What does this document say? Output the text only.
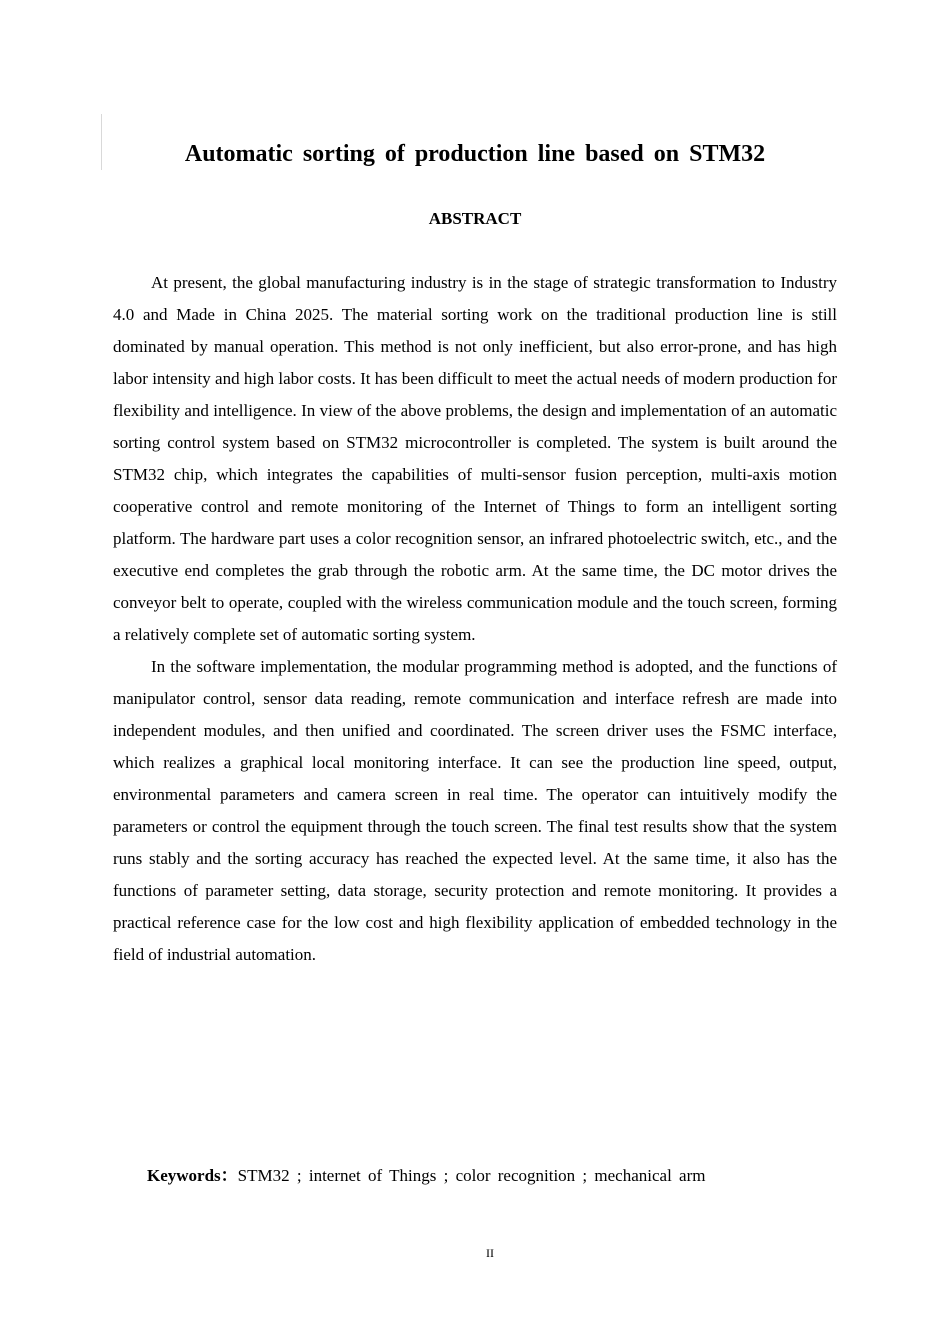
Automatic sorting of production line based on STM32
ABSTRACT

At present, the global manufacturing industry is in the stage of strategic transformation to Industry 4.0 and Made in China 2025. The material sorting work on the traditional production line is still dominated by manual operation. This method is not only inefficient, but also error-prone, and has high labor intensity and high labor costs. It has been difficult to meet the actual needs of modern production for flexibility and intelligence. In view of the above problems, the design and implementation of an automatic sorting control system based on STM32 microcontroller is completed. The system is built around the STM32 chip, which integrates the capabilities of multi-sensor fusion perception, multi-axis motion cooperative control and remote monitoring of the Internet of Things to form an intelligent sorting platform. The hardware part uses a color recognition sensor, an infrared photoelectric switch, etc., and the executive end completes the grab through the robotic arm. At the same time, the DC motor drives the conveyor belt to operate, coupled with the wireless communication module and the touch screen, forming a relatively complete set of automatic sorting system.

In the software implementation, the modular programming method is adopted, and the functions of manipulator control, sensor data reading, remote communication and interface refresh are made into independent modules, and then unified and coordinated. The screen driver uses the FSMC interface, which realizes a graphical local monitoring interface. It can see the production line speed, output, environmental parameters and camera screen in real time. The operator can intuitively modify the parameters or control the equipment through the touch screen. The final test results show that the system runs stably and the sorting accuracy has reached the expected level. At the same time, it also has the functions of parameter setting, data storage, security protection and remote monitoring. It provides a practical reference case for the low cost and high flexibility application of embedded technology in the field of industrial automation.

Keywords：STM32 ; internet of Things ; color recognition ; mechanical arm
II
